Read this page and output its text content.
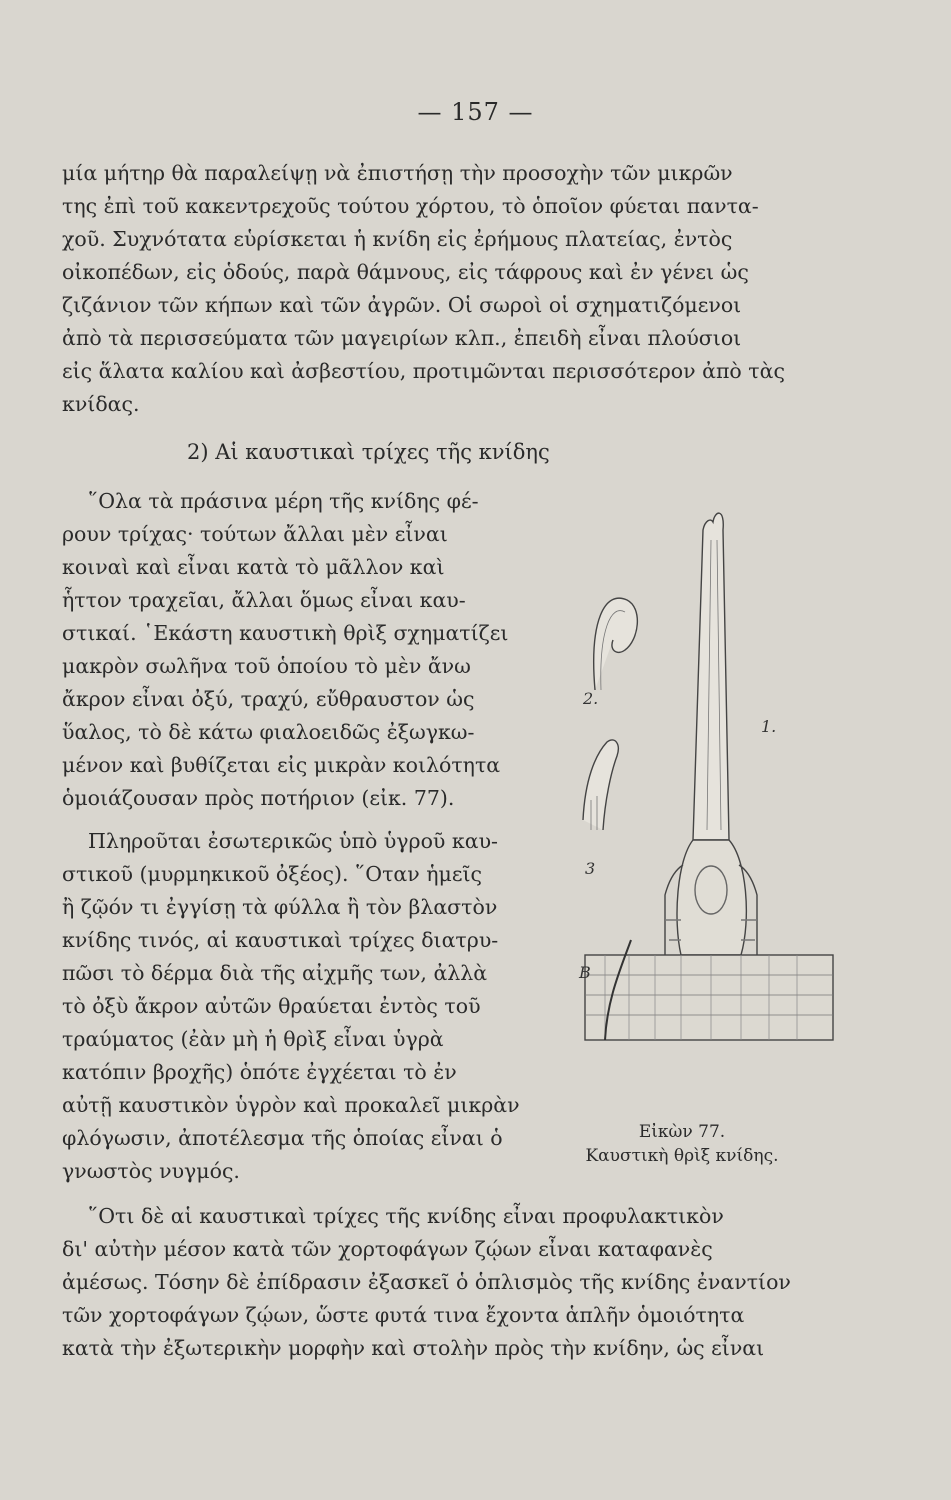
— 157 —
μία μήτηρ θὰ παραλείψῃ νὰ ἐπιστήσῃ τὴν προσοχὴν τῶν μικρῶν
της ἐπὶ τοῦ κακεντρεχοῦς τούτου χόρτου, τὸ ὁποῖον φύεται παντα-
χοῦ. Συχνότατα εὑρίσκεται ἡ κνίδη εἰς ἐρήμους πλατείας, ἐντὸς
οἰκοπέδων, εἰς ὁδούς, παρὰ θάμνους, εἰς τάφρους καὶ ἐν γένει ὡς
ζιζάνιον τῶν κήπων καὶ τῶν ἀγρῶν. Οἱ σωροὶ οἱ σχηματιζόμενοι
ἀπὸ τὰ περισσεύματα τῶν μαγειρίων κλπ., ἐπειδὴ εἶναι πλούσιοι
εἰς ἅλατα καλίου καὶ ἀσβεστίου, προτιμῶνται περισσότερον ἀπὸ τὰς
κνίδας.
2) Αἱ καυστικαὶ τρίχες τῆς κνίδης
῞Ολα τὰ πράσινα μέρη τῆς κνίδης φέ-
ρουν τρίχας· τούτων ἄλλαι μὲν εἶναι
κοιναὶ καὶ εἶναι κατὰ τὸ μᾶλλον καὶ
ἧττον τραχεῖαι, ἄλλαι ὅμως εἶναι καυ-
στικαί. ῾Εκάστη καυστικὴ θρὶξ σχηματίζει
μακρὸν σωλῆνα τοῦ ὁποίου τὸ μὲν ἄνω
ἄκρον εἶναι ὀξύ, τραχύ, εὔθραυστον ὡς
ὕαλος, τὸ δὲ κάτω φιαλοειδῶς ἐξωγκω-
μένον καὶ βυθίζεται εἰς μικρὰν κοιλότητα
ὁμοιάζουσαν πρὸς ποτήριον (εἰκ. 77).
Πληροῦται ἐσωτερικῶς ὑπὸ ὑγροῦ καυ-
στικοῦ (μυρμηκικοῦ ὀξέος). ῞Οταν ἡμεῖς
ἢ ζῷόν τι ἐγγίσῃ τὰ φύλλα ἢ τὸν βλαστὸν
κνίδης τινός, αἱ καυστικαὶ τρίχες διατρυ-
πῶσι τὸ δέρμα διὰ τῆς αἰχμῆς των, ἀλλὰ
τὸ ὀξὺ ἄκρον αὐτῶν θραύεται ἐντὸς τοῦ
τραύματος (ἐὰν μὴ ἡ θρὶξ εἶναι ὑγρὰ
κατόπιν βροχῆς) ὁπότε ἐγχέεται τὸ ἐν
αὐτῇ καυστικὸν ὑγρὸν καὶ προκαλεῖ μικρὰν
φλόγωσιν, ἀποτέλεσμα τῆς ὁποίας εἶναι ὁ
γνωστὸς νυγμός.
῞Οτι δὲ αἱ καυστικαὶ τρίχες τῆς κνίδης εἶναι προφυλακτικὸν
δι' αὐτὴν μέσον κατὰ τῶν χορτοφάγων ζῴων εἶναι καταφανὲς
ἀμέσως. Τόσην δὲ ἐπίδρασιν ἐξασκεῖ ὁ ὁπλισμὸς τῆς κνίδης ἐναντίον
τῶν χορτοφάγων ζῴων, ὥστε φυτά τινα ἔχοντα ἁπλῆν ὁμοιότητα
κατὰ τὴν ἐξωτερικὴν μορφὴν καὶ στολὴν πρὸς τὴν κνίδην, ὡς εἶναι
2.
1.
3
B
Εἰκὼν 77.
Καυστικὴ θρὶξ κνίδης.
